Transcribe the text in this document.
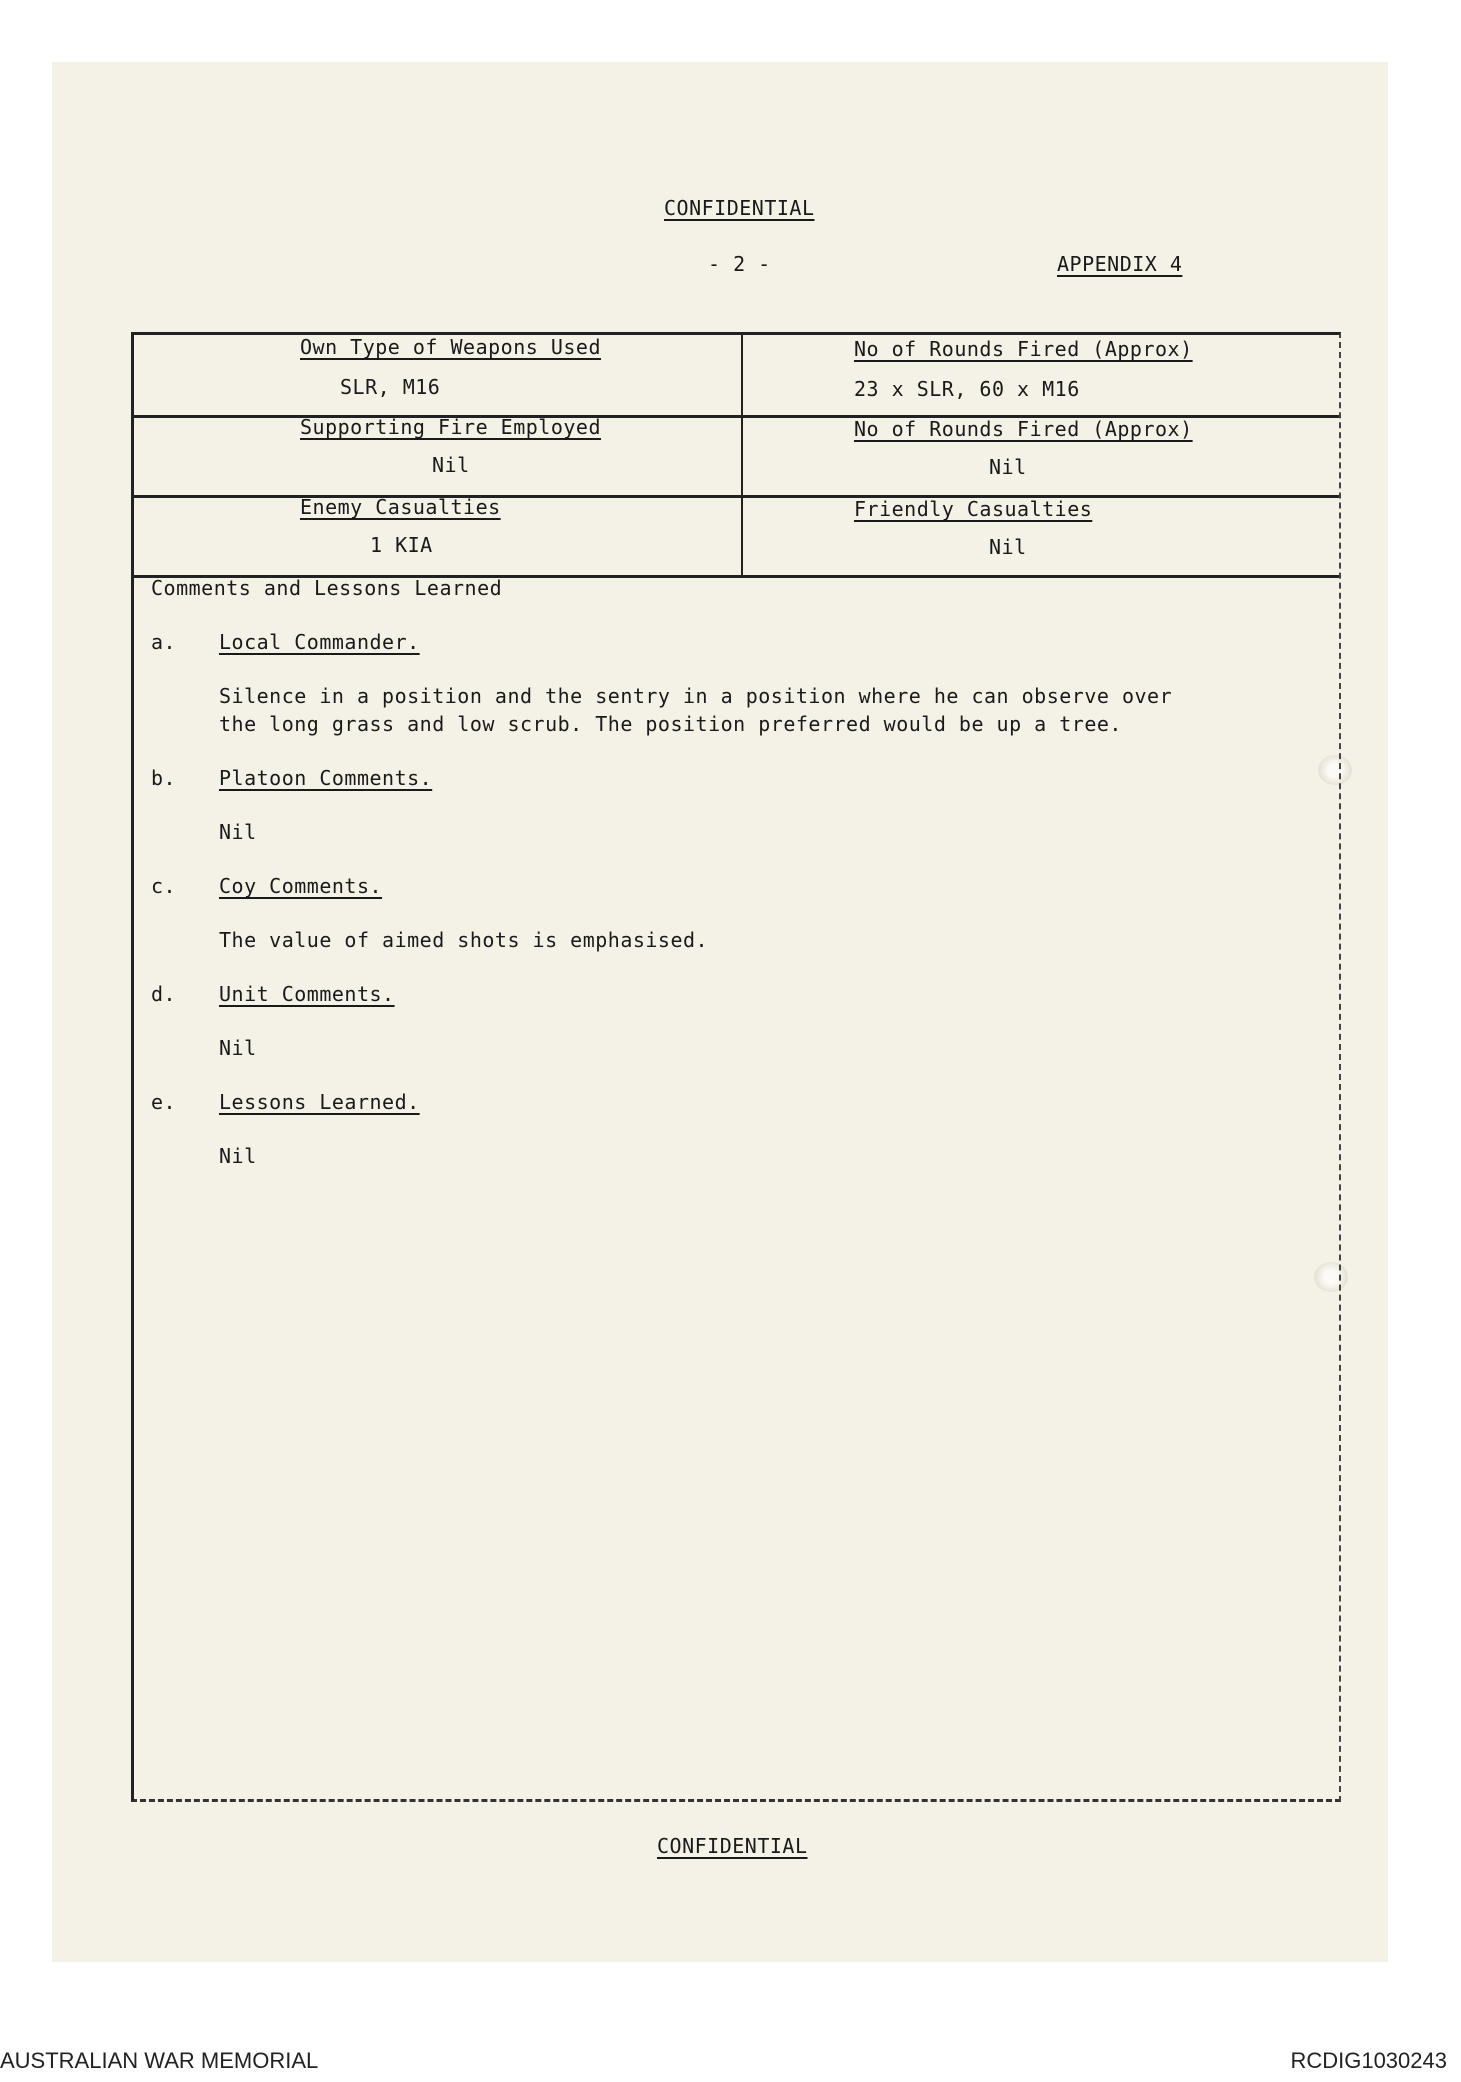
CONFIDENTIAL
- 2 -	APPENDIX 4
Own Type of Weapons Used
SLR, M16
No of Rounds Fired (Approx)
23 x SLR, 60 x M16
Supporting Fire Employed
Nil
No of Rounds Fired (Approx)
Nil
Enemy Casualties
1 KIA
Friendly Casualties
Nil
Comments and Lessons Learned
a. Local Commander.
Silence in a position and the sentry in a position where he can observe over
the long grass and low scrub. The position preferred would be up a tree.
b. Platoon Comments.
Nil
c. Coy Comments.
The value of aimed shots is emphasised.
d. Unit Comments.
Nil
e. Lessons Learned.
Nil
CONFIDENTIAL
AUSTRALIAN WAR MEMORIAL	RCDIG1030243
